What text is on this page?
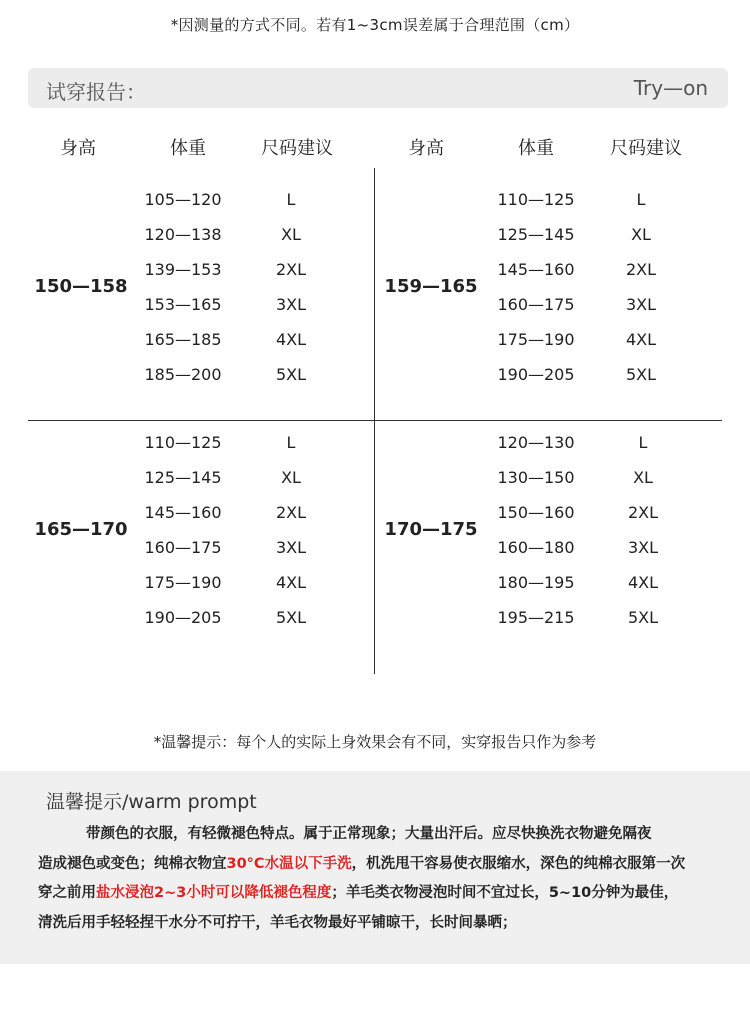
*因测量的方式不同。若有1~3cm误差属于合理范围（cm）
试穿报告：	Try—on
身高	体重	尺码建议	身高	体重	尺码建议
150—158
105—120	L
120—138	XL
139—153	2XL
153—165	3XL
165—185	4XL
185—200	5XL
159—165
110—125	L
125—145	XL
145—160	2XL
160—175	3XL
175—190	4XL
190—205	5XL
165—170
110—125	L
125—145	XL
145—160	2XL
160—175	3XL
175—190	4XL
190—205	5XL
170—175
120—130	L
130—150	XL
150—160	2XL
160—180	3XL
180—195	4XL
195—215	5XL
*温馨提示：每个人的实际上身效果会有不同，实穿报告只作为参考
温馨提示/warm prompt
带颜色的衣服，有轻微褪色特点。属于正常现象；大量出汗后。应尽快换洗衣物避免隔夜
造成褪色或变色；纯棉衣物宜30°C水温以下手洗，机洗甩干容易使衣服缩水，深色的纯棉衣服第一次
穿之前用盐水浸泡2~3小时可以降低褪色程度；羊毛类衣物浸泡时间不宜过长，5~10分钟为最佳，
清洗后用手轻轻捏干水分不可拧干，羊毛衣物最好平铺晾干，长时间暴晒；
